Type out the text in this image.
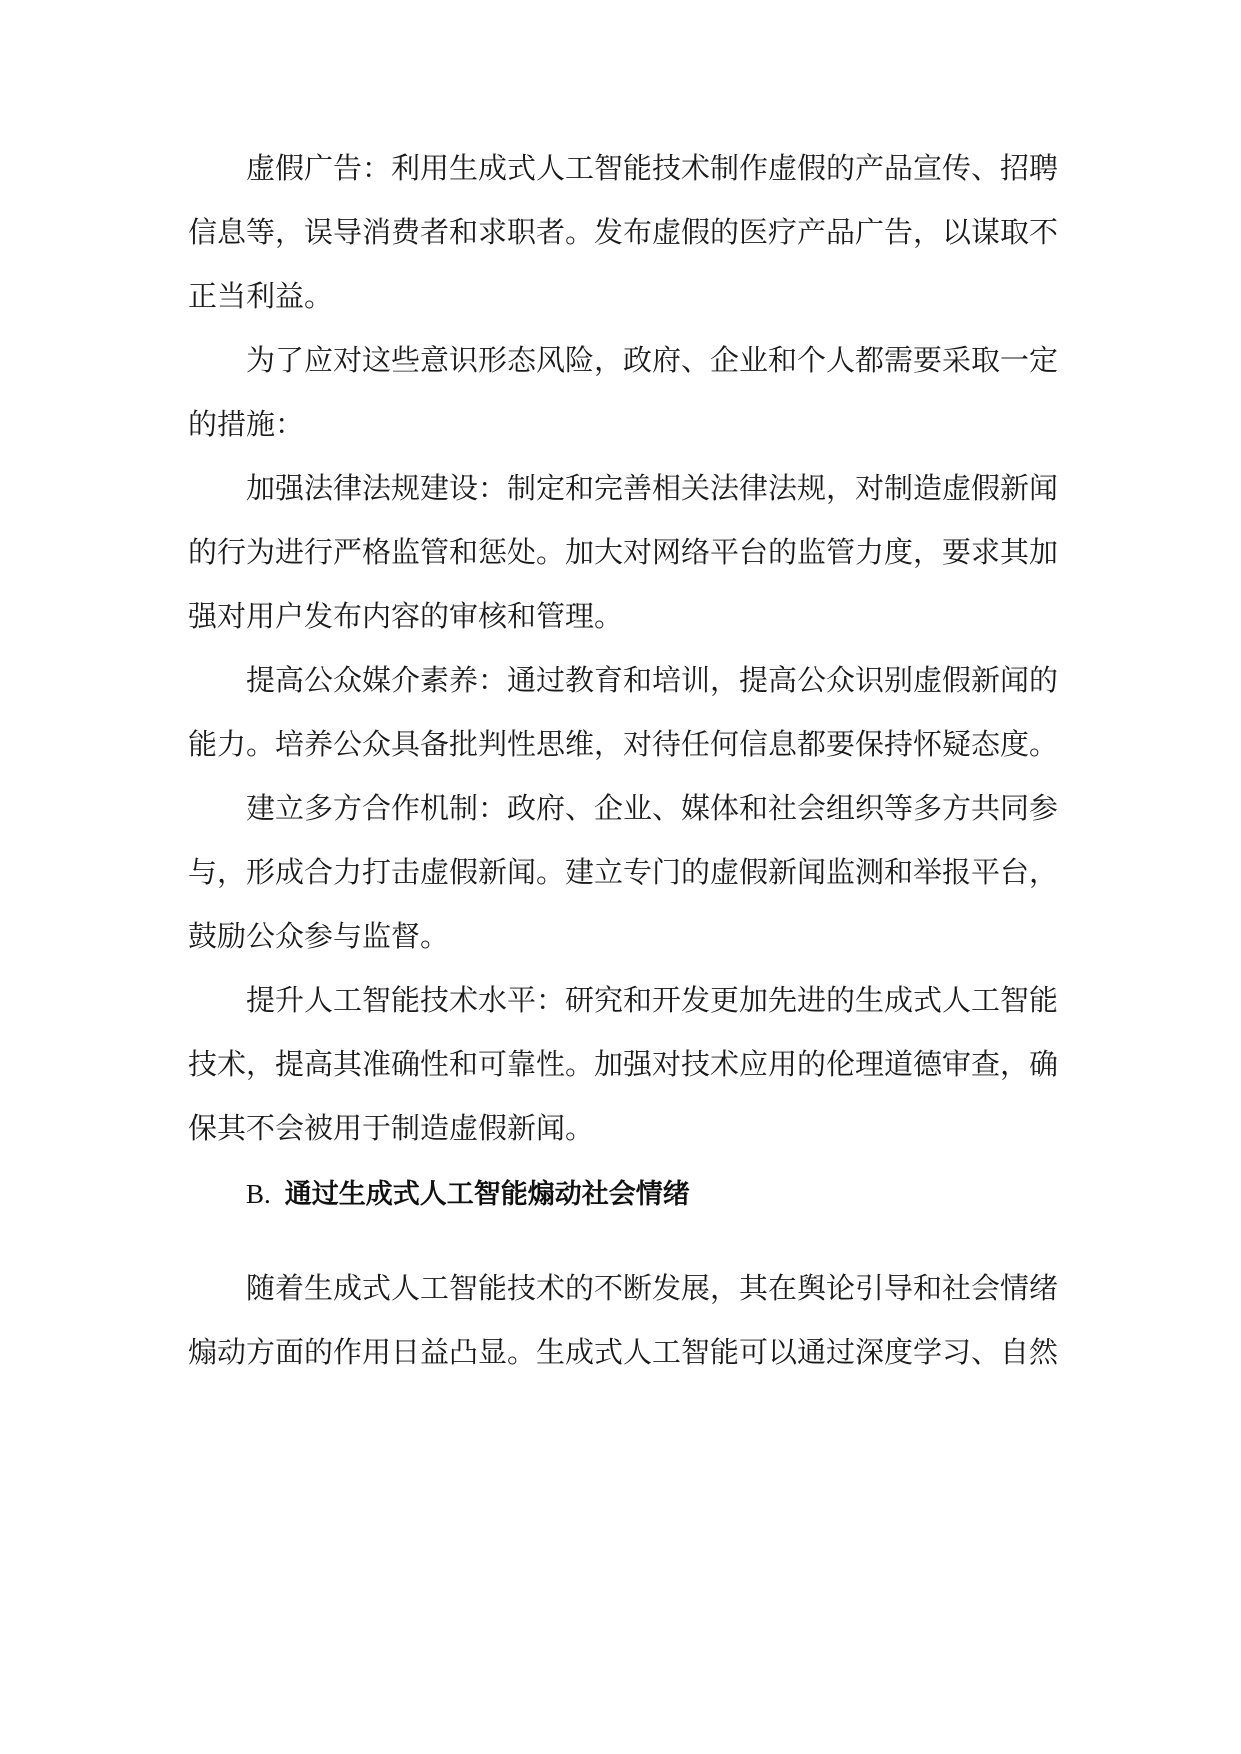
虚假广告：利用生成式人工智能技术制作虚假的产品宣传、招聘信息等，误导消费者和求职者。发布虚假的医疗产品广告，以谋取不正当利益。

为了应对这些意识形态风险，政府、企业和个人都需要采取一定的措施：

加强法律法规建设：制定和完善相关法律法规，对制造虚假新闻的行为进行严格监管和惩处。加大对网络平台的监管力度，要求其加强对用户发布内容的审核和管理。

提高公众媒介素养：通过教育和培训，提高公众识别虚假新闻的能力。培养公众具备批判性思维，对待任何信息都要保持怀疑态度。

建立多方合作机制：政府、企业、媒体和社会组织等多方共同参与，形成合力打击虚假新闻。建立专门的虚假新闻监测和举报平台，鼓励公众参与监督。

提升人工智能技术水平：研究和开发更加先进的生成式人工智能技术，提高其准确性和可靠性。加强对技术应用的伦理道德审查，确保其不会被用于制造虚假新闻。

B. 通过生成式人工智能煽动社会情绪

随着生成式人工智能技术的不断发展，其在舆论引导和社会情绪煽动方面的作用日益凸显。生成式人工智能可以通过深度学习、自然
